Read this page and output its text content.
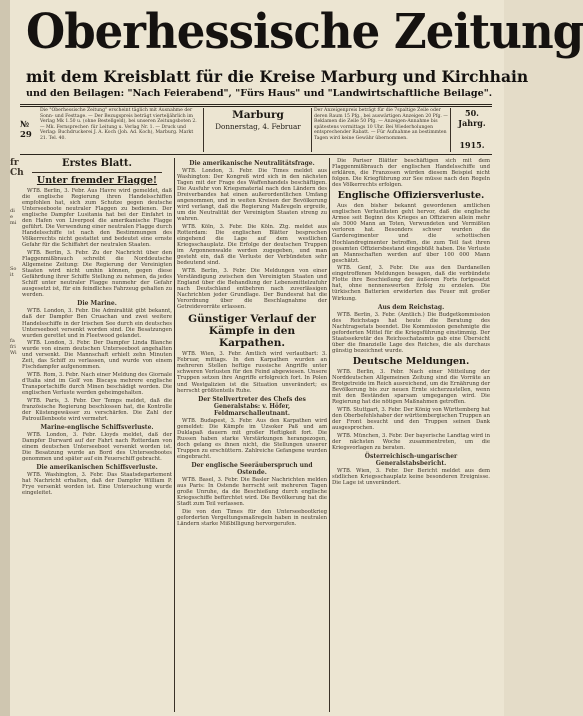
Oberhessische Zeitung
mit dem Kreisblatt für die Kreise Marburg und Kirchhain
und den Beilagen: "Nach Feierabend", "Fürs Haus" und "Landwirtschaftliche Beilage".
№ 29
Die "Oberhessische Zeitung" erscheint täglich mit Ausnahme der Sonn- und Festtage. — Der Bezugspreis beträgt vierteljährlich im Verlag Mk 1.50 u. (ohne Bestellgeld), bei unseren Zeitungsboten 2.— Mk. Fernsprecher: für Leitung u. Verlag Nr. 1. — Druck und Verlag: Buchdruckerei J. A. Koch (Joh. Ad. Koch), Marburg. Markt 21. Tel. 40.
Marburg
Donnerstag, 4. Februar
Der Anzeigenpreis beträgt für die 7spaltige Zeile oder deren Raum 15 Pfg., bei auswärtigen Anzeigen 20 Pfg. — Reklamen die Zeile 50 Pfg. — Anzeigen-Annahme bis spätestens vormittags 10 Uhr. Bei Wiederholungen entsprechender Rabatt. — Für Aufnahme an bestimmten Tagen wird keine Gewähr übernommen.
50. Jahrg.
1915.
fr
Ch
di
e
mi
So
it
fa
fri
Wi
Erstes Blatt.
Unter fremder Flagge!

WTB. Berlin, 3. Febr. Aus Havre wird gemeldet, daß die englische Regierung ihren Handelsschiffen empfohlen hat, sich zum Schutze gegen deutsche Unterseeboote neutraler Flaggen zu bedienen. Der englische Dampfer Lusitania hat bei der Einfahrt in den Hafen von Liverpool die amerikanische Flagge geführt. Die Verwendung einer neutralen Flagge durch Handelsschiffe ist nach den Bestimmungen des Völkerrechts nicht gestattet und bedeutet eine ernste Gefahr für die Schiffahrt der neutralen Staaten.

WTB. Berlin, 3. Febr. Zu der Nachricht über den Flaggenmißbrauch schreibt die Norddeutsche Allgemeine Zeitung: Die Regierung der Vereinigten Staaten wird nicht umhin können, gegen diese Gefährdung ihrer Schiffe Stellung zu nehmen, da jedes Schiff unter neutraler Flagge nunmehr der Gefahr ausgesetzt ist, für ein feindliches Fahrzeug gehalten zu werden.

Die Marine.

WTB. London, 3. Febr. Die Admiralität gibt bekannt, daß der Dampfer Ben Cruachan und zwei weitere Handelsschiffe in der Irischen See durch ein deutsches Unterseeboot versenkt worden sind. Die Besatzungen wurden gerettet und in Fleetwood gelandet.

WTB. London, 3. Febr. Der Dampfer Linda Blanche wurde von einem deutschen Unterseeboot angehalten und versenkt. Die Mannschaft erhielt zehn Minuten Zeit, das Schiff zu verlassen, und wurde von einem Fischdampfer aufgenommen.

WTB. Rom, 3. Febr. Nach einer Meldung des Giornale d'Italia sind im Golf von Biscaya mehrere englische Transportschiffe durch Minen beschädigt worden. Die englischen Verluste werden geheimgehalten.

WTB. Paris, 3. Febr. Der Temps meldet, daß die französische Regierung beschlossen hat, die Kontrolle der Küstengewässer zu verschärfen. Die Zahl der Patrouillenboote wird vermehrt.

Marine-englische Schiffsverluste.

WTB. London, 3. Febr. Lloyds meldet, daß der Dampfer Durward auf der Fahrt nach Rotterdam von einem deutschen Unterseeboot versenkt worden ist. Die Besatzung wurde an Bord des Unterseebootes genommen und später auf ein Feuerschiff gebracht.

Die amerikanischen Schiffsverluste.

WTB. Washington, 3. Febr. Das Staatsdepartement hat Nachricht erhalten, daß der Dampfer William P. Frye versenkt worden ist. Eine Untersuchung wurde eingeleitet.

Die amerikanische Neutralitätsfrage.

WTB. London, 3. Febr. Die Times meldet aus Washington: Der Kongreß wird sich in den nächsten Tagen mit der Frage des Waffenhandels beschäftigen. Die Ausfuhr von Kriegsmaterial nach den Ländern des Dreiverbandes hat einen außerordentlichen Umfang angenommen, und in weiten Kreisen der Bevölkerung wird verlangt, daß die Regierung Maßregeln ergreife, um die Neutralität der Vereinigten Staaten streng zu wahren.

WTB. Köln, 3. Febr. Die Köln. Ztg. meldet aus Rotterdam: Die englischen Blätter besprechen eingehend die Lage auf dem westlichen Kriegsschauplatz. Die Erfolge der deutschen Truppen im Argonnenwalde werden zugegeben, und man gesteht ein, daß die Verluste der Verbündeten sehr bedeutend sind.

WTB. Berlin, 3. Febr. Die Meldungen von einer Verständigung zwischen den Vereinigten Staaten und England über die Behandlung der Lebensmittelzufuhr nach Deutschland entbehren nach zuverlässigen Nachrichten jeder Grundlage. Der Bundesrat hat die Verordnung über die Beschlagnahme der Getreidevorräte erlassen.

Günstiger Verlauf der Kämpfe in den Karpathen.

WTB. Wien, 3. Febr. Amtlich wird verlautbart: 3. Februar, mittags. In den Karpathen wurden an mehreren Stellen heftige russische Angriffe unter schweren Verlusten für den Feind abgewiesen. Unsere Truppen setzen ihre Angriffe erfolgreich fort. In Polen und Westgalizien ist die Situation unverändert; es herrscht größtenteils Ruhe.

Der Stellvertreter des Chefs des Generalstabs: v. Höfer, Feldmarschalleutnant.

WTB. Budapest, 3. Febr. Aus den Karpathen wird gemeldet: Die Kämpfe im Uzsoker Paß und am Duklapaß dauern mit großer Heftigkeit fort. Die Russen haben starke Verstärkungen herangezogen, doch gelang es ihnen nicht, die Stellungen unserer Truppen zu erschüttern. Zahlreiche Gefangene wurden eingebracht.

Der englische Seeräuberspruch und Ostende.

WTB. Basel, 3. Febr. Die Basler Nachrichten melden aus Paris: In Ostende herrscht seit mehreren Tagen große Unruhe, da die Beschießung durch englische Kriegsschiffe befürchtet wird. Die Bevölkerung hat die Stadt zum Teil verlassen.

Die von den Times für den Unterseebootkrieg geforderten Vergeltungsmaßregeln haben in neutralen Ländern starke Mißbilligung hervorgerufen.

Die Pariser Blätter beschäftigen sich mit dem Flaggenmißbrauch der englischen Handelsschiffe und erklären, die Franzosen würden diesem Beispiel nicht folgen. Die Kriegführung zur See müsse nach den Regeln des Völkerrechts erfolgen.

Englische Offiziersverluste.

Aus den bisher bekannt gewordenen amtlichen englischen Verlustlisten geht hervor, daß die englische Armee seit Beginn des Krieges an Offizieren allein mehr als 5000 Mann an Toten, Verwundeten und Vermißten verloren hat. Besonders schwer wurden die Garderegimenter und die schottischen Hochlandregimenter betroffen, die zum Teil fast ihren gesamten Offiziersbestand eingebüßt haben. Die Verluste an Mannschaften werden auf über 100 000 Mann geschätzt.

WTB. Genf, 3. Febr. Die aus den Dardanellen eingetroffenen Meldungen besagen, daß die verbündete Flotte ihre Beschießung der äußeren Forts fortgesetzt hat, ohne nennenswerten Erfolg zu erzielen. Die türkischen Batterien erwiderten das Feuer mit großer Wirkung.

Aus dem Reichstag.

WTB. Berlin, 3. Febr. (Amtlich.) Die Budgetkommission des Reichstags hat heute die Beratung des Nachtragsetats beendet. Die Kommission genehmigte die geforderten Mittel für die Kriegsführung einstimmig. Der Staatssekretär des Reichsschatzamts gab eine Übersicht über die finanzielle Lage des Reiches, die als durchaus günstig bezeichnet wurde.

Deutsche Meldungen.

WTB. Berlin, 3. Febr. Nach einer Mitteilung der Norddeutschen Allgemeinen Zeitung sind die Vorräte an Brotgetreide im Reich ausreichend, um die Ernährung der Bevölkerung bis zur neuen Ernte sicherzustellen, wenn mit den Beständen sparsam umgegangen wird. Die Regierung hat die nötigen Maßnahmen getroffen.

WTB. Stuttgart, 3. Febr. Der König von Württemberg hat den Oberbefehlshaber der württembergischen Truppen an der Front besucht und den Truppen seinen Dank ausgesprochen.

WTB. München, 3. Febr. Der bayerische Landtag wird in der nächsten Woche zusammentreten, um die Kriegsvorlagen zu beraten.

Österreichisch-ungarischer Generalstabsbericht.

WTB. Wien, 3. Febr. Der Bericht meldet aus dem südlichen Kriegsschauplatz keine besonderen Ereignisse. Die Lage ist unverändert.
